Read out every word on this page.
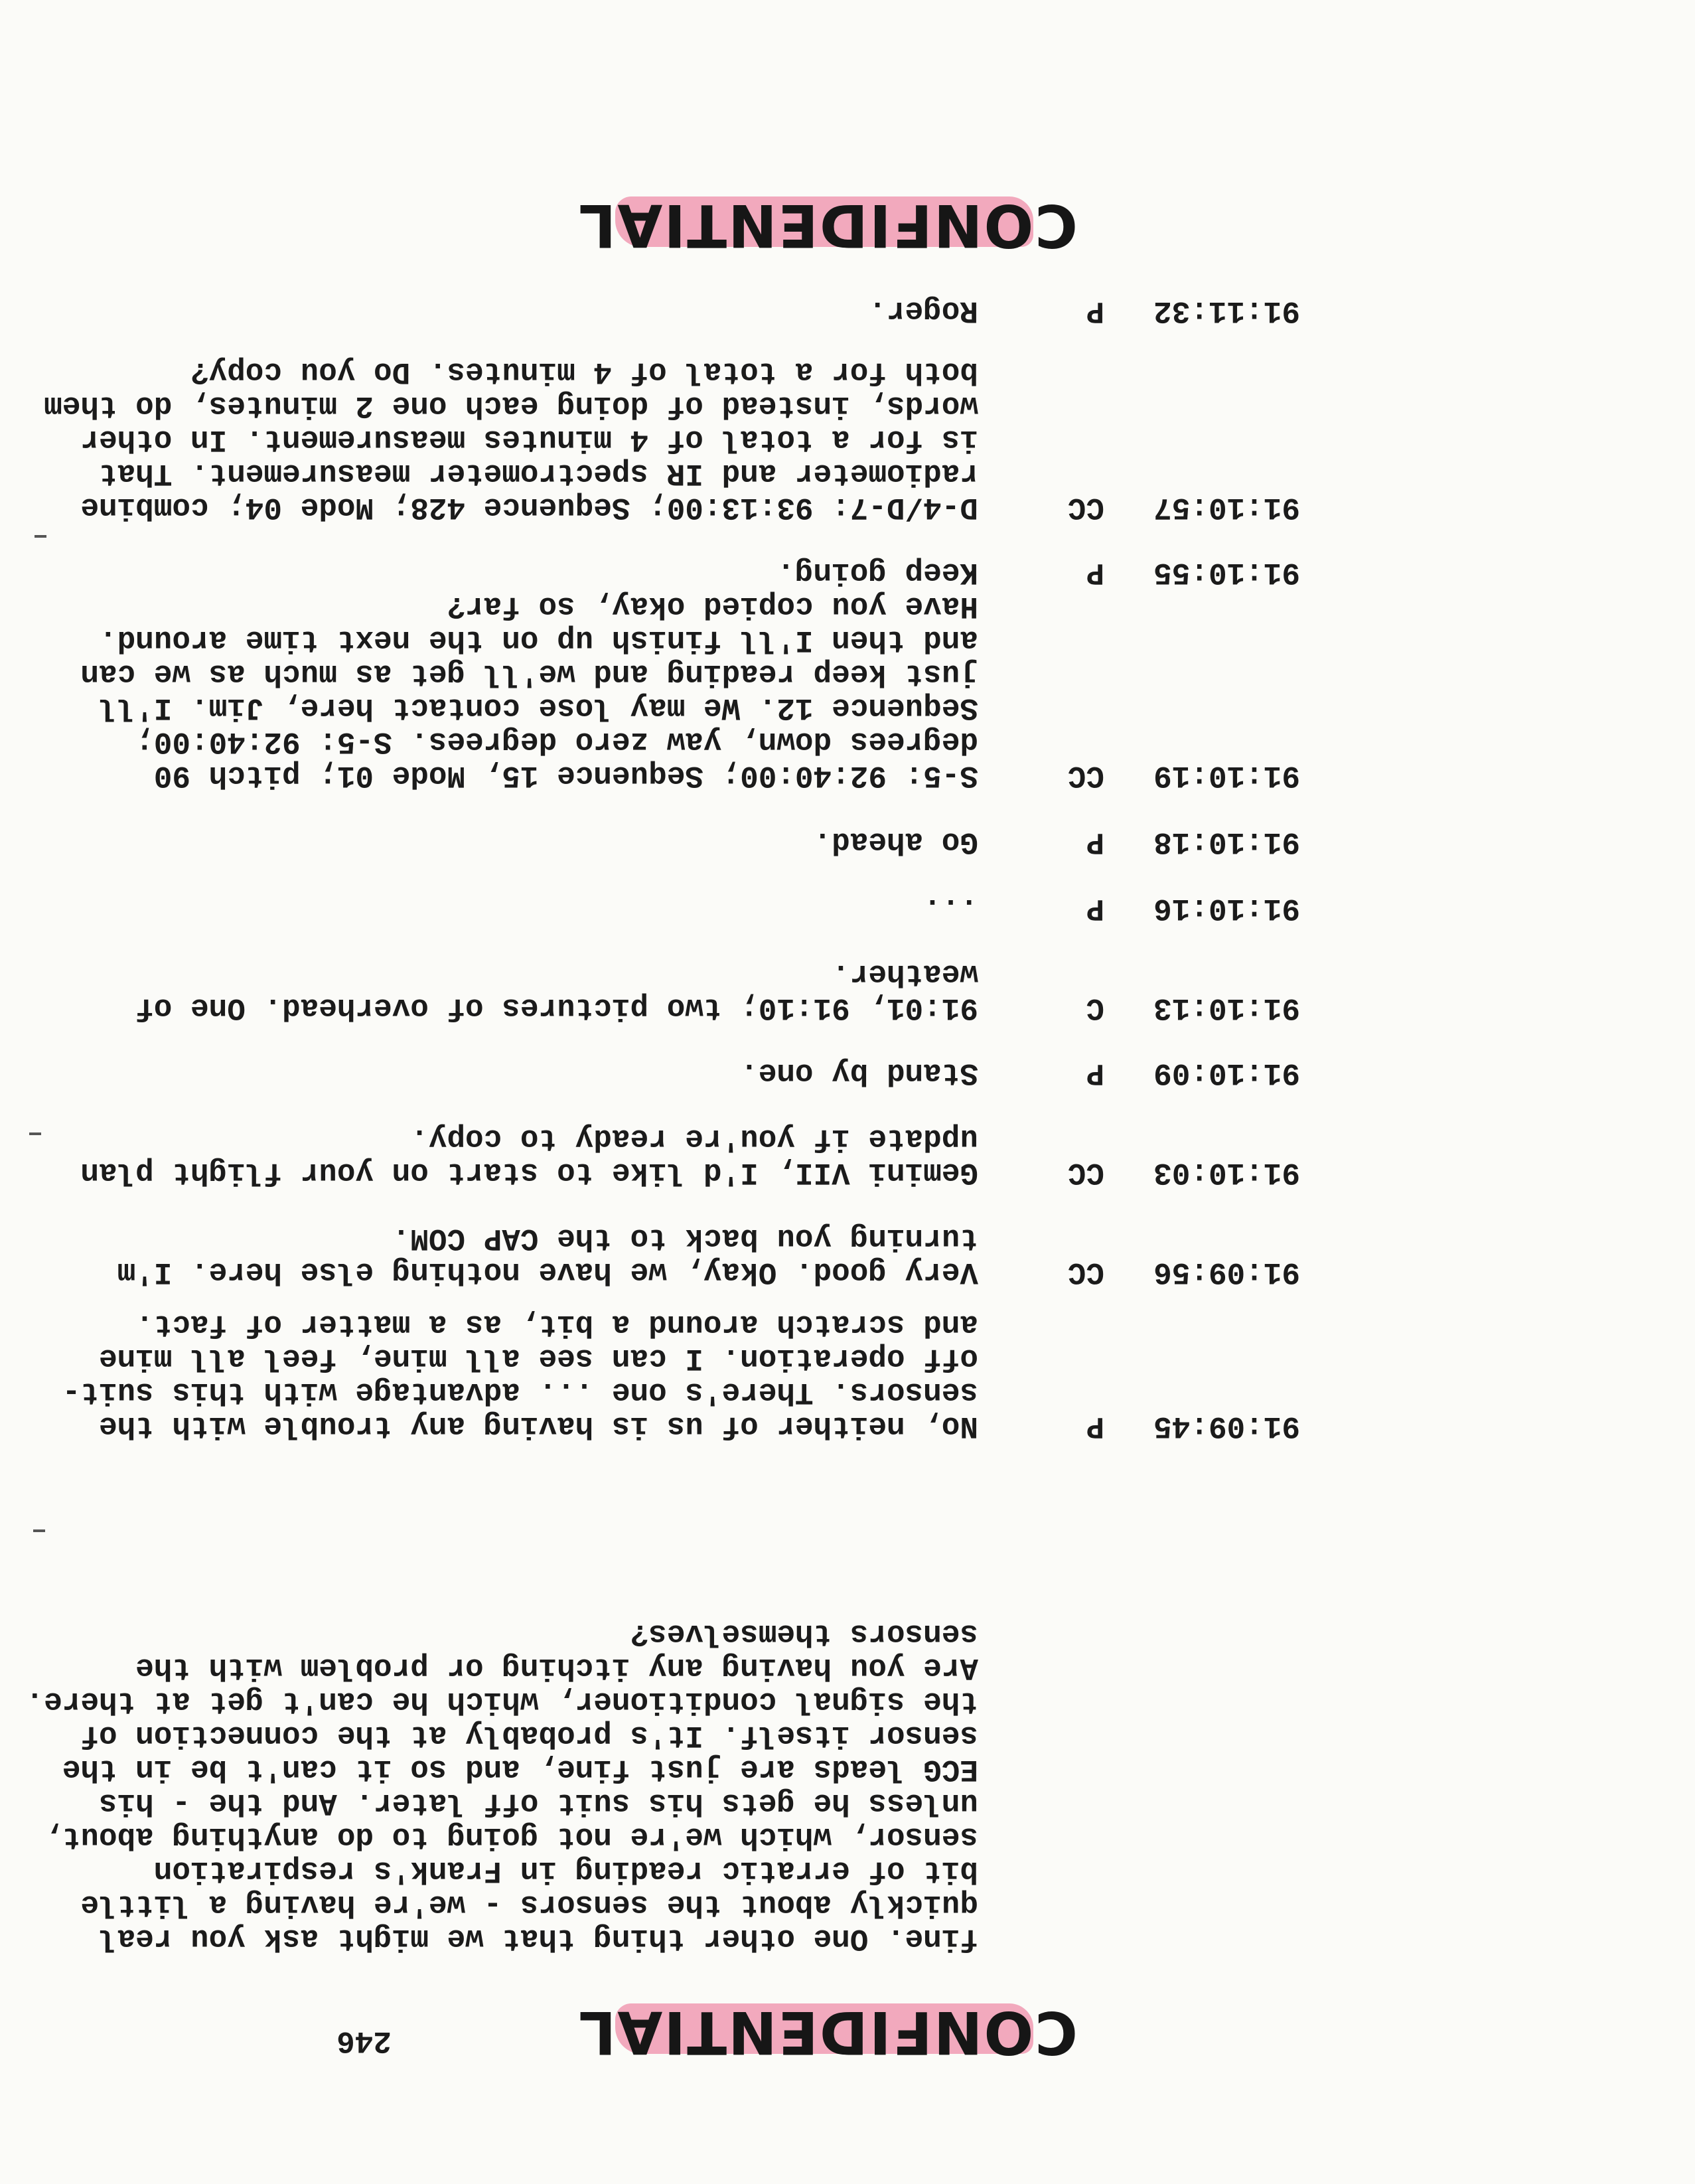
246	CONFIDENTIAL
fine. One other thing that we might ask you real
quickly about the sensors - we're having a little
bit of erratic reading in Frank's respiration
sensor, which we're not going to do anything about,
unless he gets his suit off later. And the - his
ECG leads are just fine, and so it can't be in the
sensor itself. It's probably at the connection of
the signal conditioner, which he can't get at there.
Are you having any itching or problem with the
sensors themselves?
91:09:45
P
No, neither of us is having any trouble with the
sensors. There's one ... advantage with this suit-
off operation. I can see all mine, feel all mine
and scratch around a bit, as a matter of fact.
91:09:56
CC
Very good. Okay, we have nothing else here. I'm
turning you back to the CAP COM.
91:10:03
CC
Gemini VII, I'd like to start on your flight plan
update if you're ready to copy.
91:10:09
P
Stand by one.
91:10:13
C
91:01, 91:10; two pictures of overhead. One of
weather.
91:10:16
P
...
91:10:18
P
Go ahead.
91:10:19
CC
S-5: 92:40:00; Sequence 15, Mode 01; pitch 90
degrees down, yaw zero degrees. S-5: 92:40:00;
Sequence 12. We may lose contact here, Jim. I'll
just keep reading and we'll get as much as we can
and then I'll finish up on the next time around.
Have you copied okay, so far?
91:10:55
P
Keep going.
91:10:57
CC
D-4/D-7: 93:13:00; Sequence 428; Mode 04; combine
radiometer and IR spectrometer measurement. That
is for a total of 4 minutes measurement. In other
words, instead of doing each one 2 minutes, do them
both for a total of 4 minutes. Do you copy?
91:11:32
P
Roger.
CONFIDENTIAL
